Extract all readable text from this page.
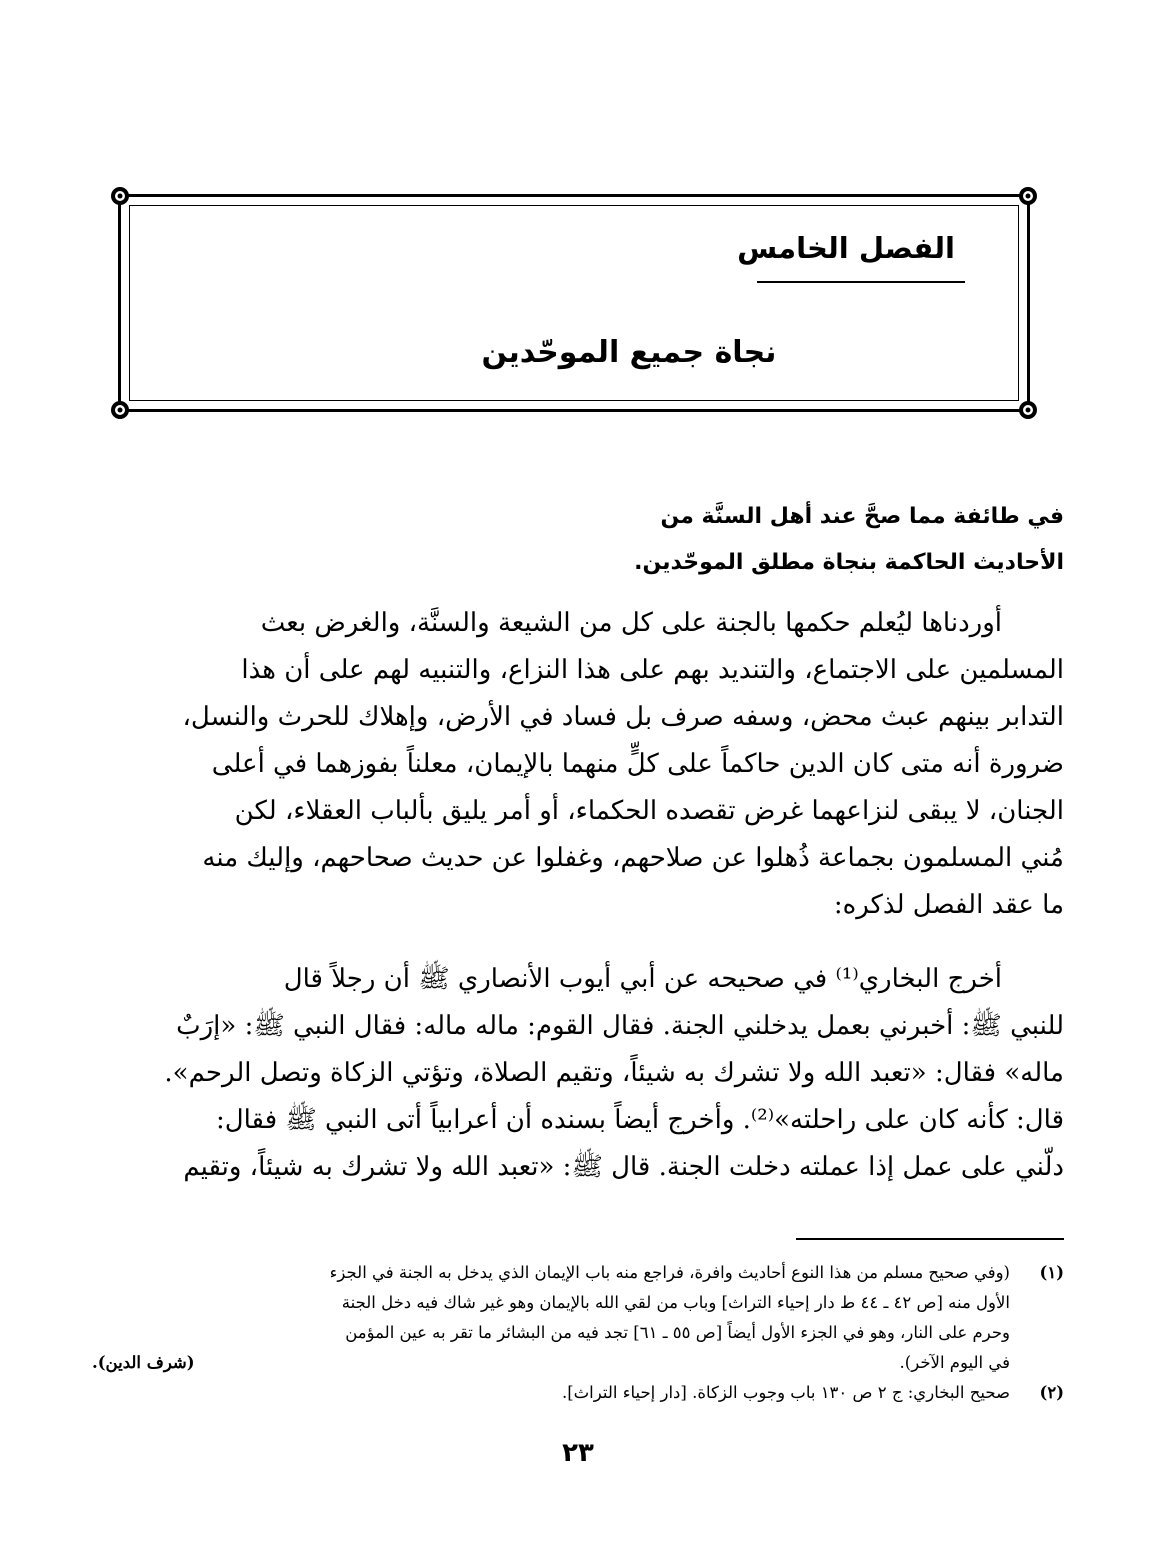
الفصل الخامس
نجاة جميع الموحّدين

في طائفة مما صحَّ عند أهل السنَّة من
الأحاديث الحاكمة بنجاة مطلق الموحّدين.

أوردناها ليُعلم حكمها بالجنة على كل من الشيعة والسنَّة، والغرض بعث
المسلمين على الاجتماع، والتنديد بهم على هذا النزاع، والتنبيه لهم على أن هذا
التدابر بينهم عبث محض، وسفه صرف بل فساد في الأرض، وإهلاك للحرث والنسل،
ضرورة أنه متى كان الدين حاكماً على كلٍّ منهما بالإيمان، معلناً بفوزهما في أعلى
الجنان، لا يبقى لنزاعهما غرض تقصده الحكماء، أو أمر يليق بألباب العقلاء، لكن
مُني المسلمون بجماعة ذُهلوا عن صلاحهم، وغفلوا عن حديث صحاحهم، وإليك منه
ما عقد الفصل لذكره:

أخرج البخاري⁽¹⁾ في صحيحه عن أبي أيوب الأنصاري ﷺ أن رجلاً قال
للنبي ﷺ: أخبرني بعمل يدخلني الجنة. فقال القوم: ماله ماله: فقال النبي ﷺ: «إرَبٌ
ماله» فقال: «تعبد الله ولا تشرك به شيئاً، وتقيم الصلاة، وتؤتي الزكاة وتصل الرحم».
قال: كأنه كان على راحلته»⁽²⁾. وأخرج أيضاً بسنده أن أعرابياً أتى النبي ﷺ فقال:
دلّني على عمل إذا عملته دخلت الجنة. قال ﷺ: «تعبد الله ولا تشرك به شيئاً، وتقيم

(١)
(وفي صحيح مسلم من هذا النوع أحاديث وافرة، فراجع منه باب الإيمان الذي يدخل به الجنة في الجزء
الأول منه [ص ٤٢ ـ ٤٤ ط دار إحياء التراث] وباب من لقي الله بالإيمان وهو غير شاك فيه دخل الجنة
وحرم على النار، وهو في الجزء الأول أيضاً [ص ٥٥ ـ ٦١] تجد فيه من البشائر ما تقر به عين المؤمن
في اليوم الآخر).
(شرف الدين).
(٢)
صحيح البخاري: ج ٢ ص ١٣٠ باب وجوب الزكاة. [دار إحياء التراث].

٢٣
